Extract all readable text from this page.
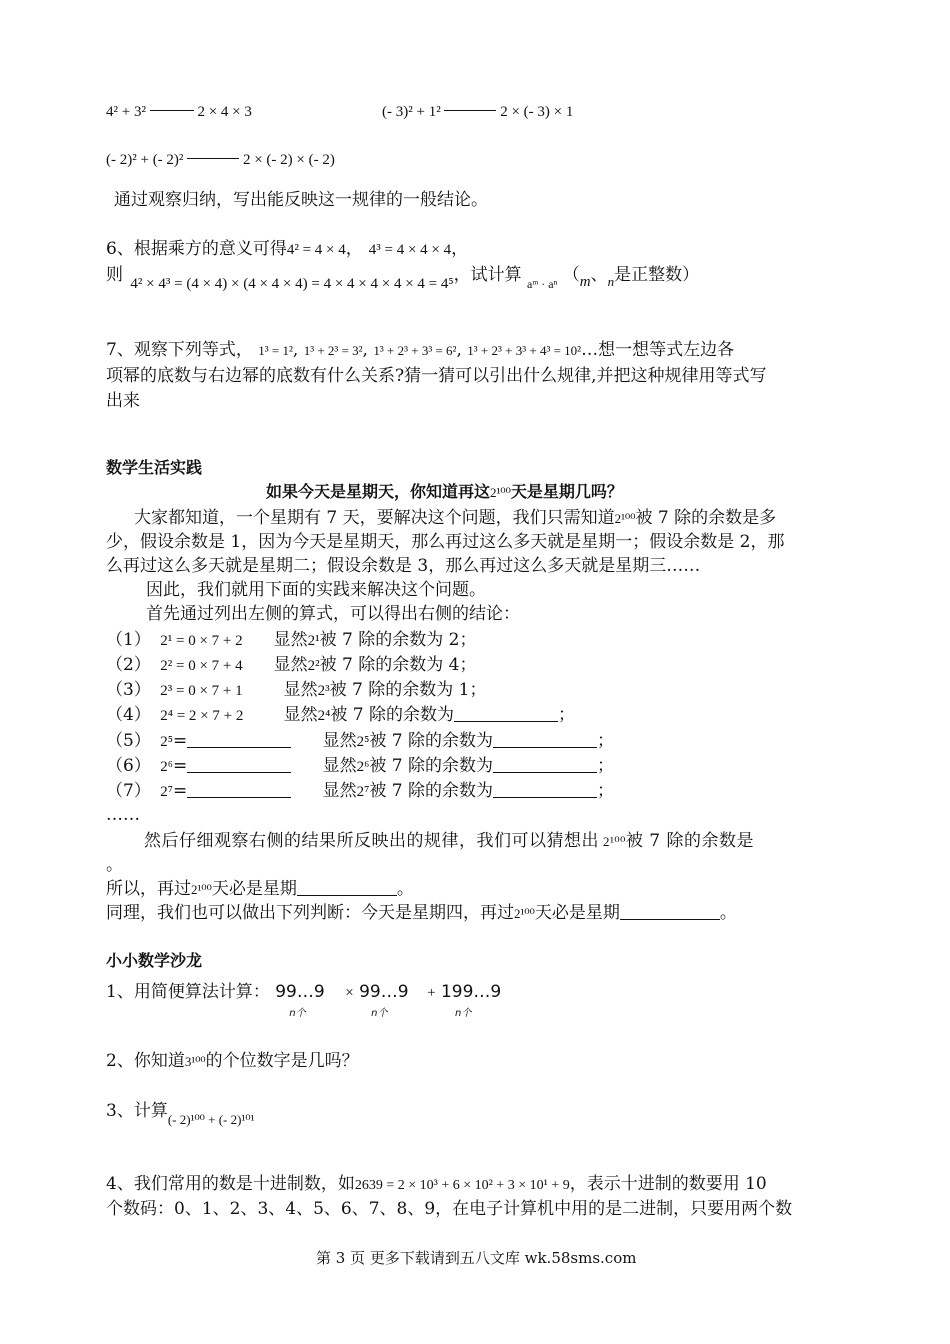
4² + 3²	2 × 4 × 3	(- 3)² + 1²	2 × (- 3) × 1
(- 2)² + (- 2)²	2 × (- 2) × (- 2)
通过观察归纳，写出能反映这一规律的一般结论。
6、根据乘方的意义可得4² = 4 × 4， 4³ = 4 × 4 × 4，
则 4² × 4³ = (4 × 4) × (4 × 4 × 4) = 4 × 4 × 4 × 4 × 4 = 4⁵，试计算 $_{aᵐ \cdot a^n}$ （m、$_n$是正整数）
7、观察下列等式， 1³ = 1², 1³ + 2³ = 3², 1³ + 2³ + 3³ = 6², 1³ + 2³ + 3³ + 4³ = 10²…想一想等式左边各
项幂的底数与右边幂的底数有什么关系?猜一猜可以引出什么规律,并把这种规律用等式写
出来
数学生活实践
如果今天是星期天，你知道再这2¹⁰⁰天是星期几吗？
大家都知道，一个星期有 7 天，要解决这个问题，我们只需知道2¹⁰⁰被 7 除的余数是多
少，假设余数是 1，因为今天是星期天，那么再过这么多天就是星期一；假设余数是 2，那
么再过这么多天就是星期二；假设余数是 3，那么再过这么多天就是星期三……
因此，我们就用下面的实践来解决这个问题。
首先通过列出左侧的算式，可以得出右侧的结论：
（1） 2¹ = 0 × 7 + 2 显然2¹被 7 除的余数为 2；
（2） 2² = 0 × 7 + 4 显然2²被 7 除的余数为 4；
（3） 2³ = 0 × 7 + 1 显然2³被 7 除的余数为 1；
（4） 2⁴ = 2 × 7 + 2 显然2⁴被 7 除的余数为	；
（5） 2⁵=	显然2⁵被 7 除的余数为	；
（6） 2⁶=	显然2⁶被 7 除的余数为	；
（7） 2⁷=	显然2⁷被 7 除的余数为	；
……
然后仔细观察右侧的结果所反映出的规律，我们可以猜想出 2¹⁰⁰被 7 除的余数是
。
所以，再过2¹⁰⁰天必是星期	。
同理，我们也可以做出下列判断：今天是星期四，再过2¹⁰⁰天必是星期	。
小小数学沙龙
1、用简便算法计算： 99…9
n个
× 99…9
n个
+ 199…9
n个
2、你知道3¹⁰⁰的个位数字是几吗？
3、计算$_{(- 2)^{100} + (- 2)^{101}}$
4、我们常用的数是十进制数，如2639 = 2 × 10³ + 6 × 10² + 3 × 10¹ + 9，表示十进制的数要用 10
个数码：0、1、2、3、4、5、6、7、8、9，在电子计算机中用的是二进制，只要用两个数
第 3 页 更多下载请到五八文库 wk.58sms.com
